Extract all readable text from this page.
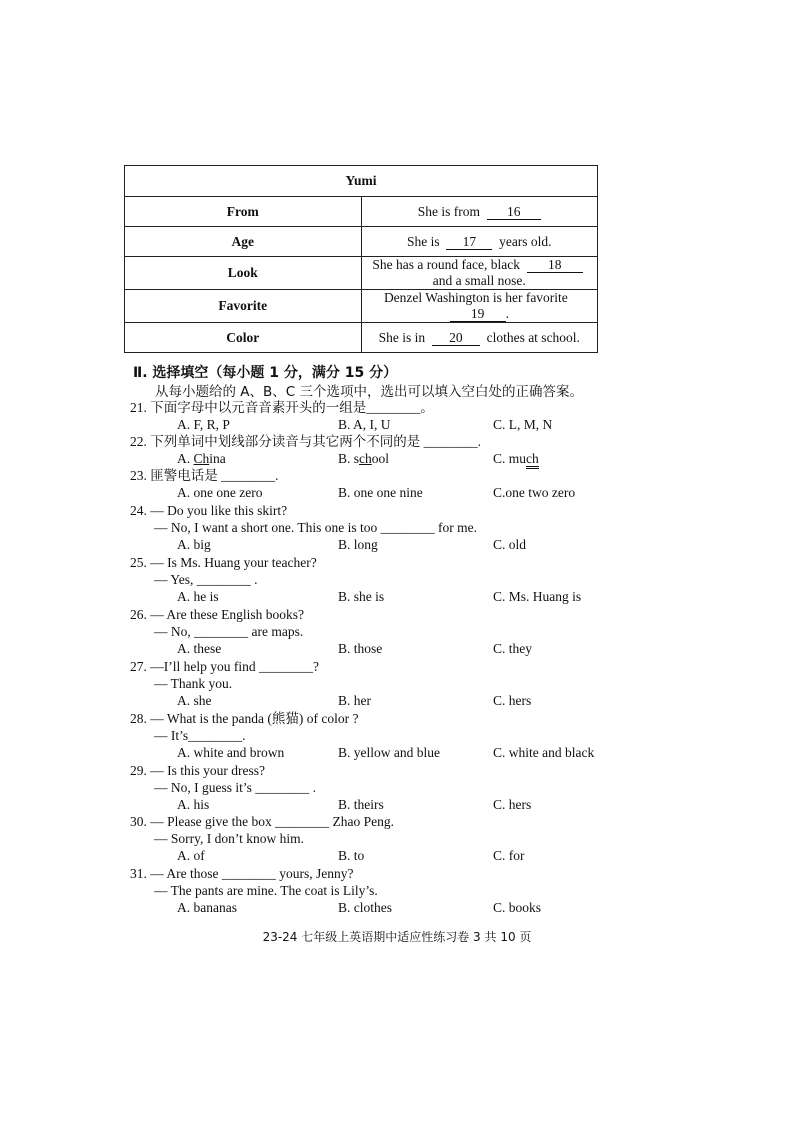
Yumi	
From	She is from 16
Age	She is 17 years old.
Look	She has a round face, black 18  and a small nose.
Favorite	Denzel Washington is her favorite  19 .
Color	She is in 20 clothes at school.
Ⅱ. 选择填空（每小题 1 分，满分 15 分）
从每小题给的 A、B、C 三个选项中，选出可以填入空白处的正确答案。
21. 下面字母中以元音音素开头的一组是________。
A. F, R, P	B. A, I, U	C. L, M, N
22. 下列单词中划线部分读音与其它两个不同的是 ________.
A. China	B. school	C. much
23. 匪警电话是 ________.
A. one one zero	B. one one nine	C.one two zero
24. — Do you like this skirt?
— No, I want a short one. This one is too ________ for me.
A. big	B. long	C. old
25. — Is Ms. Huang your teacher?
— Yes, ________ .
A. he is	B. she is	C. Ms. Huang is
26. — Are these English books?
— No, ________ are maps.
A. these	B. those	C. they
27. —I’ll help you find ________?
— Thank you.
A. she	B. her	C. hers
28. — What is the panda (熊猫) of color ?
— It’s________.
A. white and brown	B. yellow and blue	C. white and black
29. — Is this your dress?
— No, I guess it’s ________ .
A. his	B. theirs	C. hers
30. — Please give the box ________ Zhao Peng.
— Sorry, I don’t know him.
A. of	B. to	C. for
31. — Are those ________ yours, Jenny?
— The pants are mine. The coat is Lily’s.
A. bananas	B. clothes	C. books
23-24 七年级上英语期中适应性练习卷 3 共 10 页
